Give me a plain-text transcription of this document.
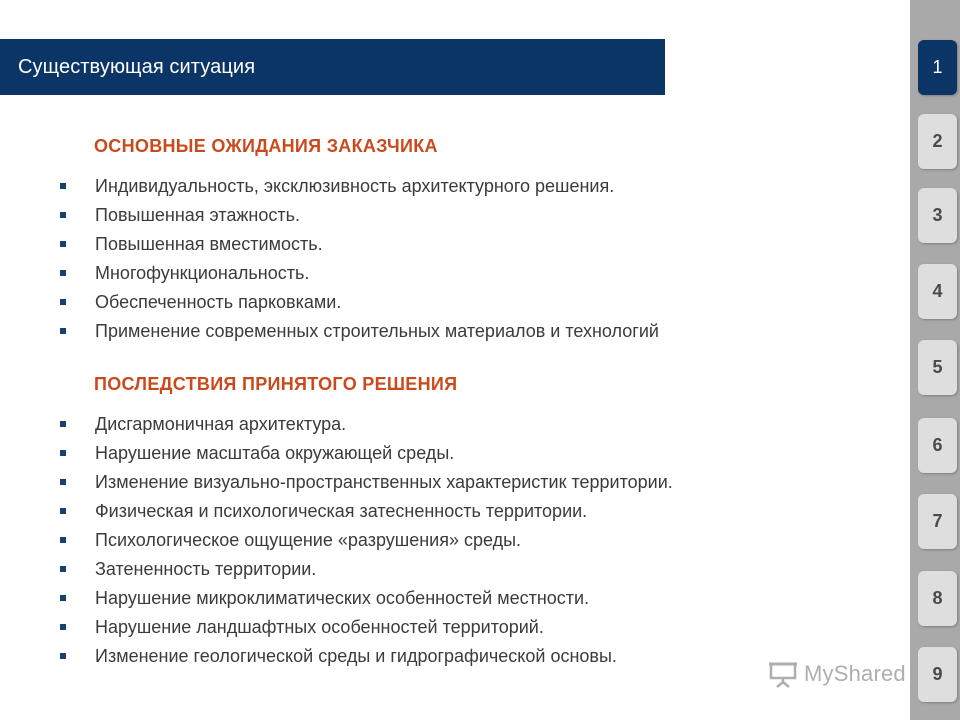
Существующая ситуация
ОСНОВНЫЕ ОЖИДАНИЯ ЗАКАЗЧИКА
Индивидуальность, эксклюзивность архитектурного решения.
Повышенная этажность.
Повышенная вместимость.
Многофункциональность.
Обеспеченность парковками.
Применение современных строительных материалов и технологий
ПОСЛЕДСТВИЯ ПРИНЯТОГО РЕШЕНИЯ
Дисгармоничная архитектура.
Нарушение масштаба окружающей среды.
Изменение визуально-пространственных характеристик территории.
Физическая и психологическая затесненность территории.
Психологическое ощущение «разрушения» среды.
Затененность территории.
Нарушение микроклиматических особенностей местности.
Нарушение ландшафтных особенностей территорий.
Изменение геологической среды и гидрографической основы.
1
2
3
4
5
6
7
8
9
MyShared
